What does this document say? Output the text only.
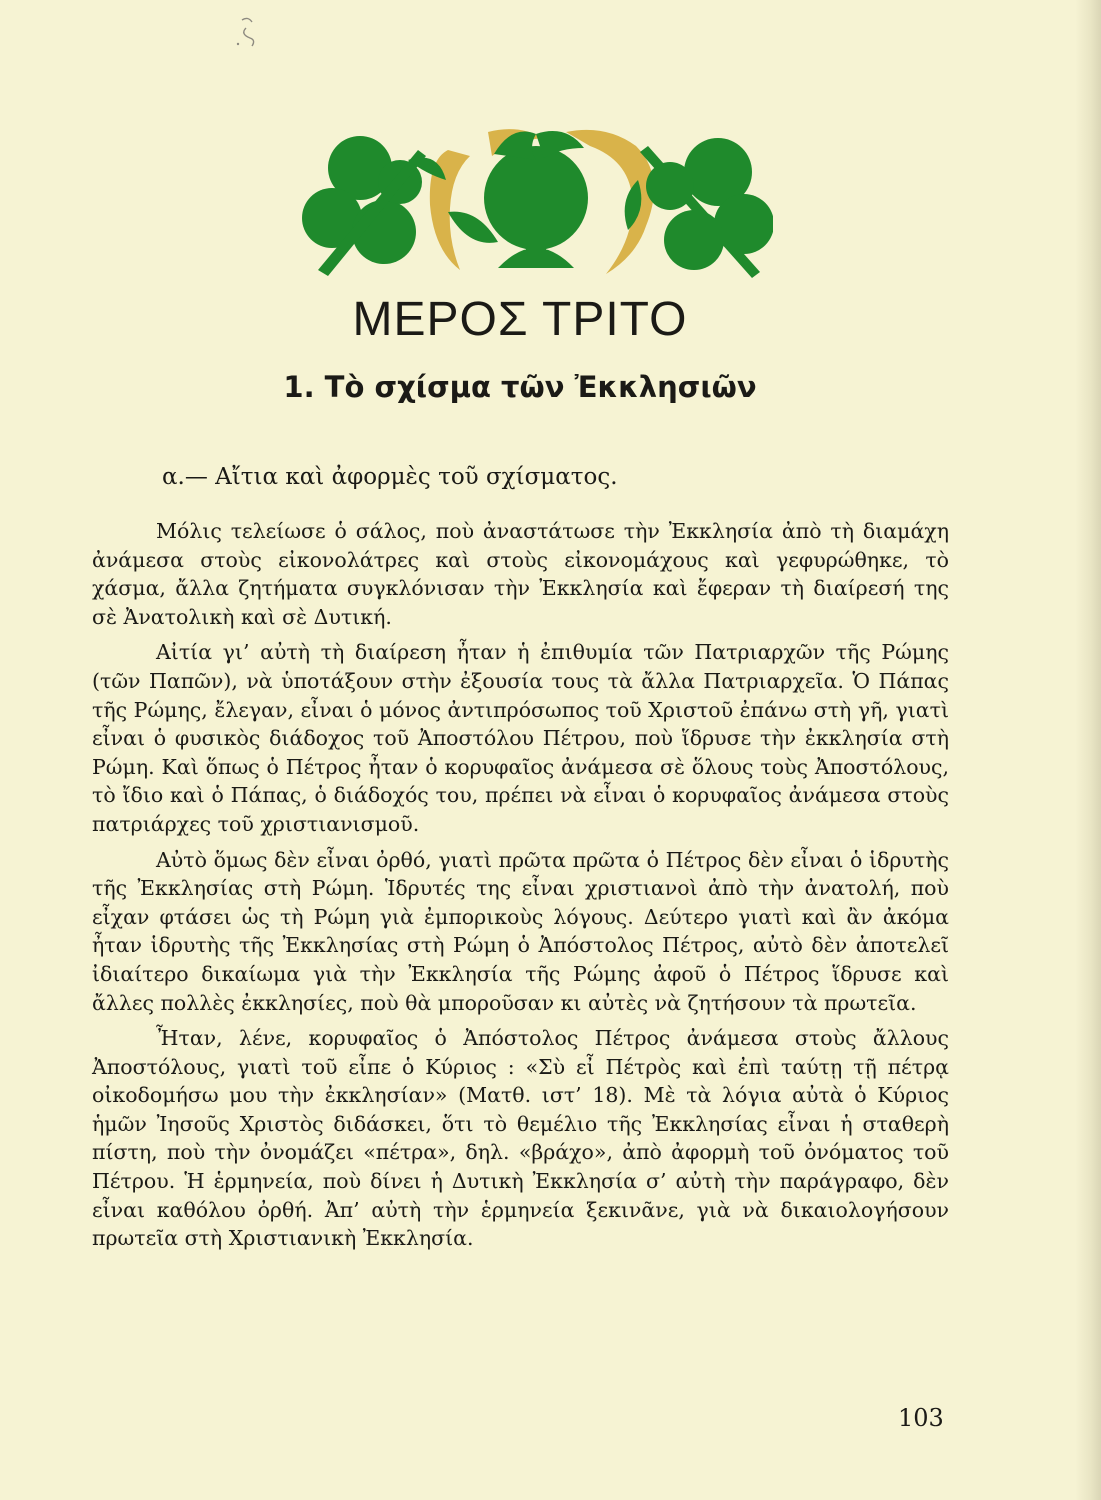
ΜΕΡΟΣ ΤΡΙΤΟ
1. Τὸ σχίσμα τῶν Ἐκκλησιῶν
α.— Αἴτια καὶ ἀφορμὲς τοῦ σχίσματος.

Μόλις τελείωσε ὁ σάλος, ποὺ ἀναστάτωσε τὴν Ἐκκλησία ἀπὸ τὴ διαμάχη ἀνάμεσα στοὺς εἰκονολάτρες καὶ στοὺς εἰκονομάχους καὶ γεφυρώθηκε, τὸ χάσμα, ἄλλα ζητήματα συγκλόνισαν τὴν Ἐκκλησία καὶ ἔφεραν τὴ διαίρεσή της σὲ Ἀνατολικὴ καὶ σὲ Δυτική.

Αἰτία γι’ αὐτὴ τὴ διαίρεση ἦταν ἡ ἐπιθυμία τῶν Πατριαρχῶν τῆς Ρώμης (τῶν Παπῶν), νὰ ὑποτάξουν στὴν ἐξουσία τους τὰ ἄλλα Πατριαρχεῖα. Ὁ Πάπας τῆς Ρώμης, ἔλεγαν, εἶναι ὁ μόνος ἀντιπρόσωπος τοῦ Χριστοῦ ἐπάνω στὴ γῆ, γιατὶ εἶναι ὁ φυσικὸς διάδοχος τοῦ Ἀποστόλου Πέτρου, ποὺ ἵδρυσε τὴν ἐκκλησία στὴ Ρώμη. Καὶ ὅπως ὁ Πέτρος ἦταν ὁ κορυφαῖος ἀνάμεσα σὲ ὅλους τοὺς Ἀποστόλους, τὸ ἴδιο καὶ ὁ Πάπας, ὁ διάδοχός του, πρέπει νὰ εἶναι ὁ κορυφαῖος ἀνάμεσα στοὺς πατριάρχες τοῦ χριστιανισμοῦ.

Αὐτὸ ὅμως δὲν εἶναι ὀρθό, γιατὶ πρῶτα πρῶτα ὁ Πέτρος δὲν εἶναι ὁ ἱδρυτὴς τῆς Ἐκκλησίας στὴ Ρώμη. Ἱδρυτές της εἶναι χριστιανοὶ ἀπὸ τὴν ἀνατολή, ποὺ εἶχαν φτάσει ὡς τὴ Ρώμη γιὰ ἐμπορικοὺς λόγους. Δεύτερο γιατὶ καὶ ἂν ἀκόμα ἦταν ἱδρυτὴς τῆς Ἐκκλησίας στὴ Ρώμη ὁ Ἀπόστολος Πέτρος, αὐτὸ δὲν ἀποτελεῖ ἰδιαίτερο δικαίωμα γιὰ τὴν Ἐκκλησία τῆς Ρώμης ἀφοῦ ὁ Πέτρος ἵδρυσε καὶ ἄλλες πολλὲς ἐκκλησίες, ποὺ θὰ μποροῦσαν κι αὐτὲς νὰ ζητήσουν τὰ πρωτεῖα.

Ἦταν, λένε, κορυφαῖος ὁ Ἀπόστολος Πέτρος ἀνάμεσα στοὺς ἄλλους Ἀποστόλους, γιατὶ τοῦ εἶπε ὁ Κύριος : «Σὺ εἶ Πέτρὸς καὶ ἐπὶ ταύτῃ τῇ πέτρᾳ οἰκοδομήσω μου τὴν ἐκκλησίαν» (Ματθ. ιστ’ 18). Μὲ τὰ λόγια αὐτὰ ὁ Κύριος ἡμῶν Ἰησοῦς Χριστὸς διδάσκει, ὅτι τὸ θεμέλιο τῆς Ἐκκλησίας εἶναι ἡ σταθερὴ πίστη, ποὺ τὴν ὀνομάζει «πέτρα», δηλ. «βράχο», ἀπὸ ἀφορμὴ τοῦ ὀνόματος τοῦ Πέτρου. Ἡ ἑρμηνεία, ποὺ δίνει ἡ Δυτικὴ Ἐκκλησία σ’ αὐτὴ τὴν παράγραφο, δὲν εἶναι καθόλου ὀρθή. Ἀπ’ αὐτὴ τὴν ἑρμηνεία ξεκινᾶνε, γιὰ νὰ δικαιολογήσουν πρωτεῖα στὴ Χριστιανικὴ Ἐκκλησία.

103
